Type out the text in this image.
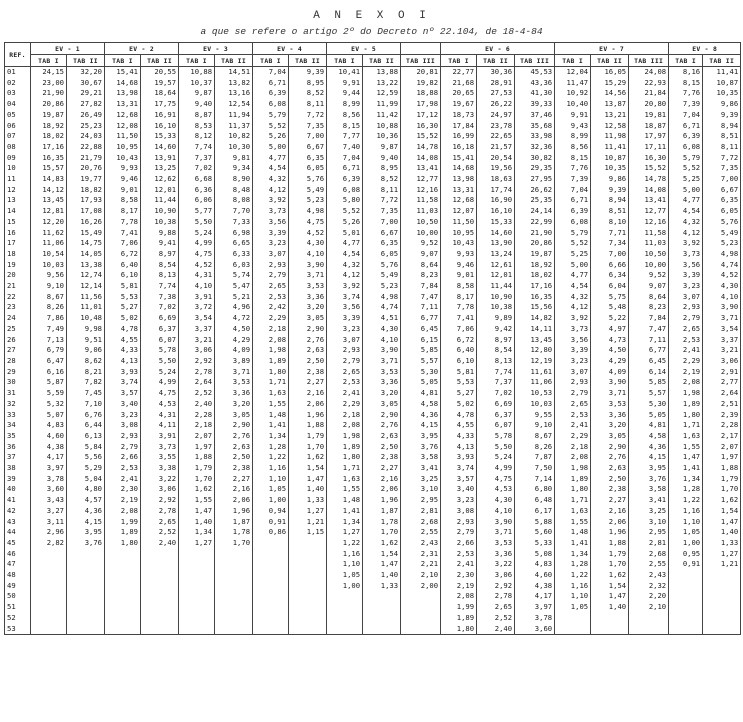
A N E X O I
a que se refere o artigo 2º do Decreto nº 22.104, de 18-4-84
REF.	EV - 1		EV - 2		EV - 3		EV - 4		EV - 5			EV - 6			EV - 7			EV - 8	
	TAB I	TAB II	TAB I	TAB II	TAB I	TAB II	TAB I	TAB II	TAB I	TAB II	TAB III	TAB I	TAB II	TAB III	TAB I	TAB II	TAB III	TAB I	TAB II
01	24,15	32,20	15,41	20,55	10,88	14,51	7,04	9,39	10,41	13,88	20,81	22,77	30,36	45,53	12,04	16,05	24,08	8,16	11,41
02	23,00	30,67	14,68	19,57	10,37	13,82	6,71	8,95	9,91	13,22	19,82	21,68	28,91	43,36	11,47	15,29	22,93	8,15	10,87
03	21,90	29,21	13,98	18,64	9,87	13,16	6,39	8,52	9,44	12,59	18,88	20,65	27,53	41,30	10,92	14,56	21,84	7,76	10,35
04	20,86	27,82	13,31	17,75	9,40	12,54	6,08	8,11	8,99	11,99	17,98	19,67	26,22	39,33	10,40	13,87	20,80	7,39	9,86
05	19,87	26,49	12,68	16,91	8,87	11,94	5,79	7,72	8,56	11,42	17,12	18,73	24,97	37,46	9,91	13,21	19,81	7,04	9,39
06	18,92	25,23	12,08	16,10	8,53	11,37	5,52	7,35	8,15	10,88	16,30	17,84	23,78	35,68	9,43	12,58	18,87	6,71	8,94
07	18,02	24,03	11,50	15,33	8,12	10,82	5,26	7,00	7,77	10,36	15,52	16,99	22,65	33,98	8,99	11,98	17,97	6,39	8,51
08	17,16	22,88	10,95	14,60	7,74	10,30	5,00	6,67	7,40	9,87	14,78	16,18	21,57	32,36	8,56	11,41	17,11	6,08	8,11
09	16,35	21,79	10,43	13,91	7,37	9,81	4,77	6,35	7,04	9,40	14,08	15,41	20,54	30,82	8,15	10,87	16,30	5,79	7,72
10	15,57	20,76	9,93	13,25	7,02	9,34	4,54	6,05	6,71	8,95	13,41	14,68	19,56	29,35	7,76	10,35	15,52	5,52	7,35
11	14,83	19,77	9,46	12,62	6,68	8,90	4,32	5,76	6,39	8,52	12,77	13,98	18,63	27,95	7,39	9,86	14,78	5,25	7,00
12	14,12	18,82	9,01	12,01	6,36	8,48	4,12	5,49	6,08	8,11	12,16	13,31	17,74	26,62	7,04	9,39	14,08	5,00	6,67
13	13,45	17,93	8,58	11,44	6,06	8,08	3,92	5,23	5,80	7,72	11,58	12,68	16,90	25,35	6,71	8,94	13,41	4,77	6,35
14	12,81	17,08	8,17	10,90	5,77	7,70	3,73	4,98	5,52	7,35	11,03	12,07	16,10	24,14	6,39	8,51	12,77	4,54	6,05
15	12,20	16,26	7,78	10,38	5,50	7,33	3,56	4,75	5,26	7,00	10,50	11,50	15,33	22,99	6,08	8,10	12,16	4,32	5,76
16	11,62	15,49	7,41	9,88	5,24	6,98	3,39	4,52	5,01	6,67	10,00	10,95	14,60	21,90	5,79	7,71	11,58	4,12	5,49
17	11,06	14,75	7,06	9,41	4,99	6,65	3,23	4,30	4,77	6,35	9,52	10,43	13,90	20,86	5,52	7,34	11,03	3,92	5,23
18	10,54	14,05	6,72	8,97	4,75	6,33	3,07	4,10	4,54	6,05	9,07	9,93	13,24	19,87	5,25	7,00	10,50	3,73	4,98
19	10,03	13,38	6,40	8,54	4,52	6,03	2,93	3,90	4,32	5,76	8,64	9,46	12,61	18,92	5,00	6,66	10,00	3,56	4,74
20	9,56	12,74	6,10	8,13	4,31	5,74	2,79	3,71	4,12	5,49	8,23	9,01	12,01	18,02	4,77	6,34	9,52	3,39	4,52
21	9,10	12,14	5,81	7,74	4,10	5,47	2,65	3,53	3,92	5,23	7,84	8,58	11,44	17,16	4,54	6,04	9,07	3,23	4,30
22	8,67	11,56	5,53	7,38	3,91	5,21	2,53	3,36	3,74	4,98	7,47	8,17	10,90	16,35	4,32	5,75	8,64	3,07	4,10
23	8,26	11,01	5,27	7,02	3,72	4,96	2,42	3,20	3,56	4,74	7,11	7,78	10,38	15,56	4,12	5,48	8,23	2,93	3,90
24	7,86	10,48	5,02	6,69	3,54	4,72	2,29	3,05	3,39	4,51	6,77	7,41	9,89	14,82	3,92	5,22	7,84	2,79	3,71
25	7,49	9,98	4,78	6,37	3,37	4,50	2,18	2,90	3,23	4,30	6,45	7,06	9,42	14,11	3,73	4,97	7,47	2,65	3,54
26	7,13	9,51	4,55	6,07	3,21	4,29	2,08	2,76	3,07	4,10	6,15	6,72	8,97	13,45	3,56	4,73	7,11	2,53	3,37
27	6,79	9,06	4,33	5,78	3,06	4,09	1,98	2,63	2,93	3,90	5,85	6,40	8,54	12,80	3,39	4,50	6,77	2,41	3,21
28	6,47	8,62	4,13	5,50	2,92	3,89	1,89	2,50	2,79	3,71	5,57	6,10	8,13	12,19	3,23	4,29	6,45	2,29	3,06
29	6,16	8,21	3,93	5,24	2,78	3,71	1,80	2,38	2,65	3,53	5,30	5,81	7,74	11,61	3,07	4,09	6,14	2,19	2,91
30	5,87	7,82	3,74	4,99	2,64	3,53	1,71	2,27	2,53	3,36	5,05	5,53	7,37	11,06	2,93	3,90	5,85	2,08	2,77
31	5,59	7,45	3,57	4,75	2,52	3,36	1,63	2,16	2,41	3,20	4,81	5,27	7,02	10,53	2,79	3,71	5,57	1,98	2,64
32	5,32	7,10	3,40	4,53	2,40	3,20	1,55	2,06	2,29	3,05	4,58	5,02	6,69	10,03	2,65	3,53	5,30	1,89	2,51
33	5,07	6,76	3,23	4,31	2,28	3,05	1,48	1,96	2,18	2,90	4,36	4,78	6,37	9,55	2,53	3,36	5,05	1,80	2,39
34	4,83	6,44	3,08	4,11	2,18	2,90	1,41	1,88	2,08	2,76	4,15	4,55	6,07	9,10	2,41	3,20	4,81	1,71	2,28
35	4,60	6,13	2,93	3,91	2,07	2,76	1,34	1,79	1,98	2,63	3,95	4,33	5,78	8,67	2,29	3,05	4,58	1,63	2,17
36	4,38	5,84	2,79	3,73	1,97	2,63	1,28	1,70	1,89	2,50	3,76	4,13	5,50	8,26	2,18	2,90	4,36	1,55	2,07
37	4,17	5,56	2,66	3,55	1,88	2,50	1,22	1,62	1,80	2,38	3,58	3,93	5,24	7,87	2,08	2,76	4,15	1,47	1,97
38	3,97	5,29	2,53	3,38	1,79	2,38	1,16	1,54	1,71	2,27	3,41	3,74	4,99	7,50	1,98	2,63	3,95	1,41	1,88
39	3,78	5,04	2,41	3,22	1,70	2,27	1,10	1,47	1,63	2,16	3,25	3,57	4,75	7,14	1,89	2,50	3,76	1,34	1,79
40	3,60	4,80	2,30	3,06	1,62	2,16	1,05	1,40	1,55	2,06	3,10	3,40	4,53	6,80	1,80	2,38	3,58	1,28	1,70
41	3,43	4,57	2,19	2,92	1,55	2,06	1,00	1,33	1,48	1,96	2,95	3,23	4,30	6,48	1,71	2,27	3,41	1,22	1,62
42	3,27	4,36	2,08	2,78	1,47	1,96	0,94	1,27	1,41	1,87	2,81	3,08	4,10	6,17	1,63	2,16	3,25	1,16	1,54
43	3,11	4,15	1,99	2,65	1,40	1,87	0,91	1,21	1,34	1,78	2,68	2,93	3,90	5,88	1,55	2,06	3,10	1,10	1,47
44	2,96	3,95	1,89	2,52	1,34	1,78	0,86	1,15	1,27	1,70	2,55	2,79	3,71	5,60	1,48	1,96	2,95	1,05	1,40
45	2,82	3,76	1,80	2,40	1,27	1,70			1,22	1,62	2,43	2,66	3,53	5,33	1,41	1,88	2,81	1,00	1,33
46									1,16	1,54	2,31	2,53	3,36	5,08	1,34	1,79	2,68	0,95	1,27
47									1,10	1,47	2,21	2,41	3,22	4,83	1,28	1,70	2,55	0,91	1,21
48									1,05	1,40	2,10	2,30	3,06	4,60	1,22	1,62	2,43		
49									1,00	1,33	2,00	2,19	2,92	4,38	1,16	1,54	2,32		
50												2,08	2,78	4,17	1,10	1,47	2,20		
51												1,99	2,65	3,97	1,05	1,40	2,10		
52												1,89	2,52	3,78					
53												1,80	2,40	3,60					
